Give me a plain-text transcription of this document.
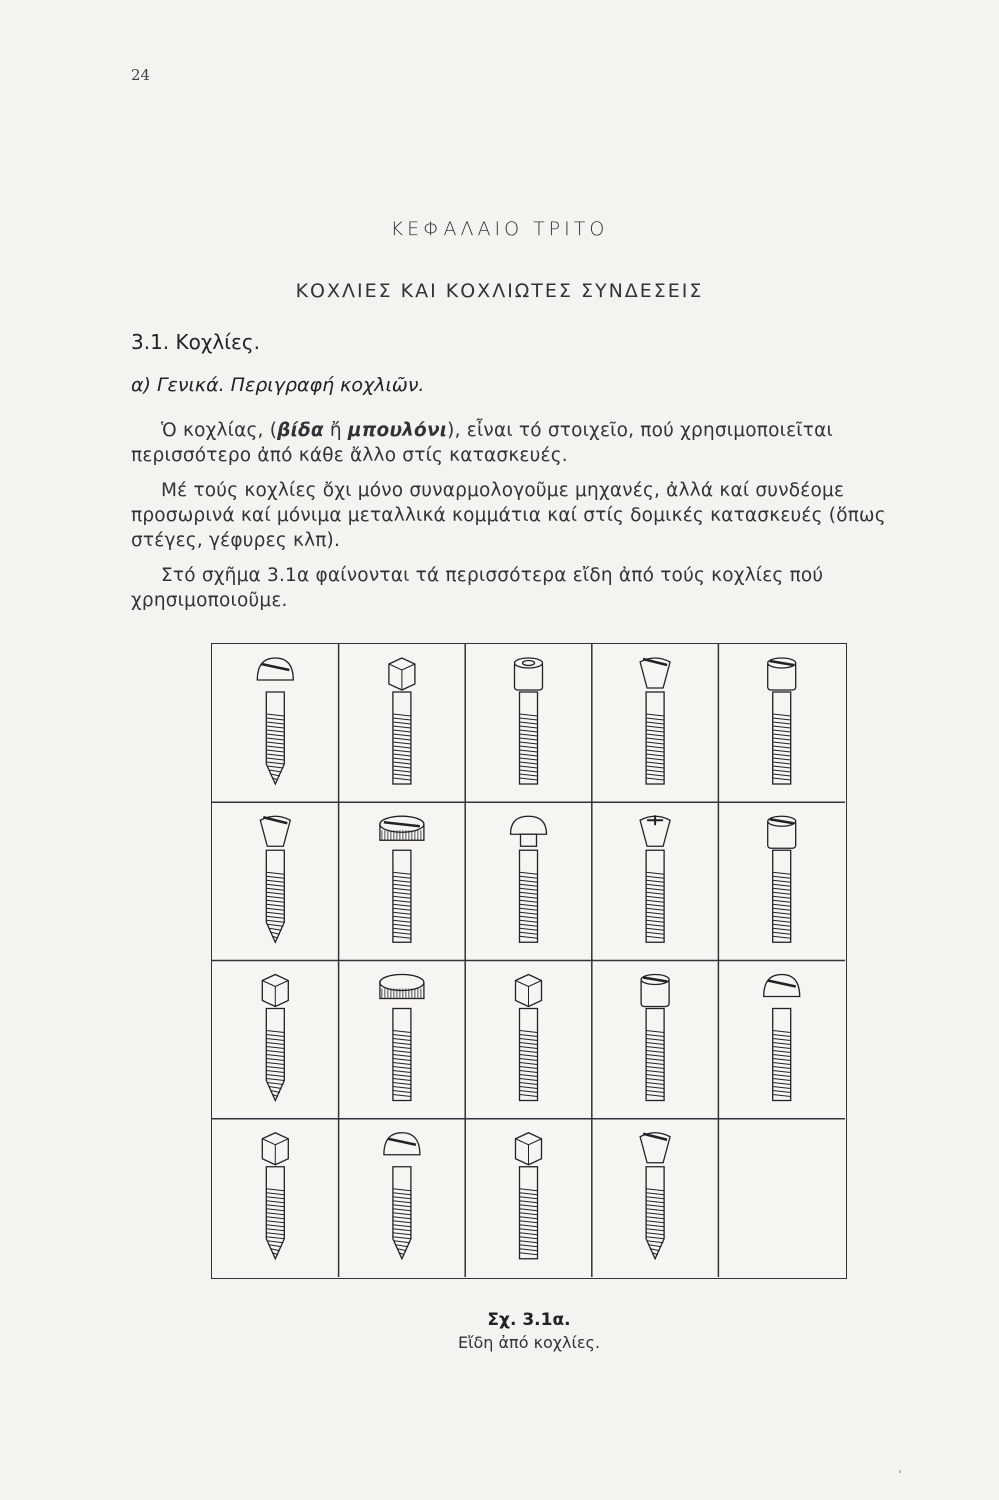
24
ΚΕΦΑΛΑΙΟ ΤΡΙΤΟ
ΚΟΧΛΙΕΣ ΚΑΙ ΚΟΧΛΙΩΤΕΣ ΣΥΝΔΕΣΕΙΣ
3.1. Κοχλίες.
α) Γενικά. Περιγραφή κοχλιῶν.
Ὁ κοχλίας, (βίδα ἤ μπουλόνι), εἶναι τό στοιχεῖο, πού χρησιμοποιεῖται περισσότερο ἀπό κάθε ἄλλο στίς κατασκευές.
Μέ τούς κοχλίες ὄχι μόνο συναρμολογοῦμε μηχανές, ἀλλά καί συνδέομε προσωρινά καί μόνιμα μεταλλικά κομμάτια καί στίς δομικές κατασκευές (ὅπως στέγες, γέφυρες κλπ).
Στό σχῆμα 3.1α φαίνονται τά περισσότερα εἴδη ἀπό τούς κοχλίες πού χρησιμοποιοῦμε.
Σχ. 3.1α.
Εἴδη ἀπό κοχλίες.
‘
